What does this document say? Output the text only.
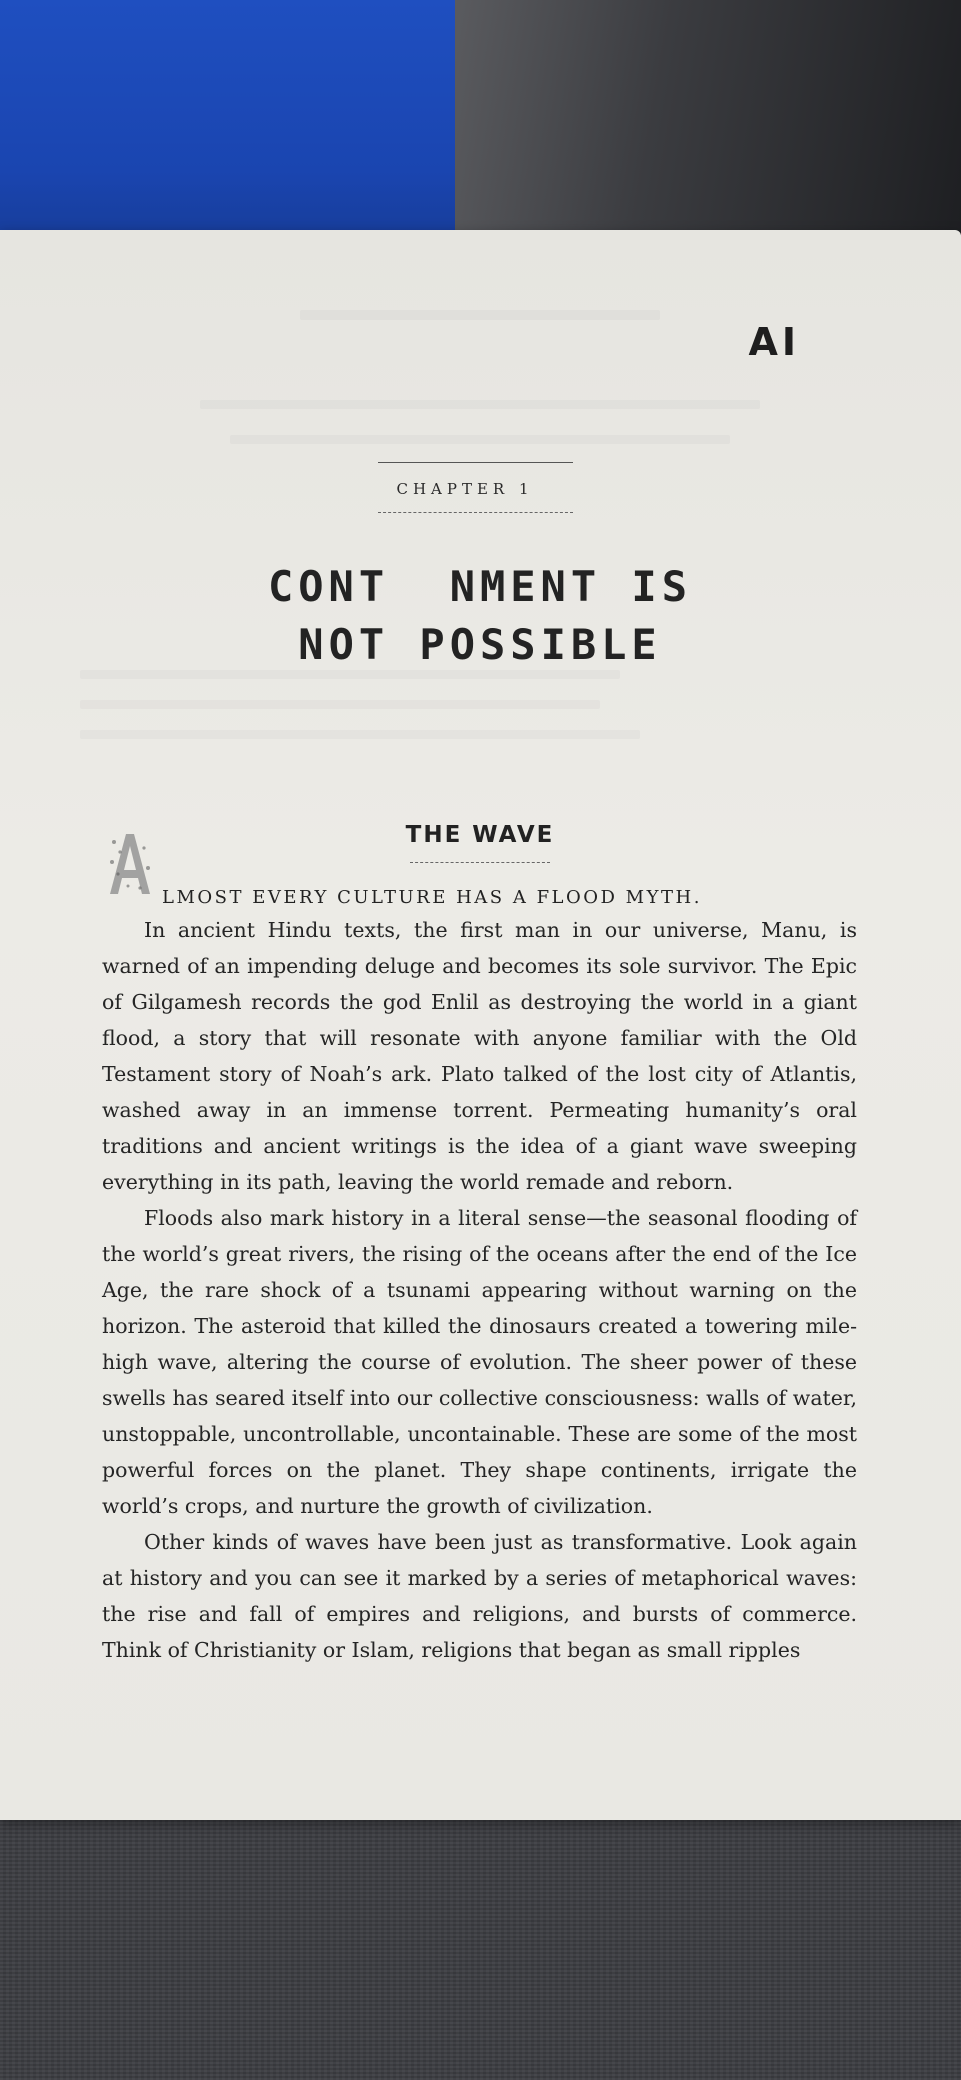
AI
CHAPTER 1
CONT  NMENT IS
NOT POSSIBLE
THE WAVE
LMOST EVERY CULTURE HAS A FLOOD MYTH.

In ancient Hindu texts, the first man in our universe, Manu, is warned of an impending deluge and becomes its sole survivor. The Epic of Gilgamesh records the god Enlil as destroying the world in a giant flood, a story that will resonate with anyone familiar with the Old Testament story of Noah’s ark. Plato talked of the lost city of Atlantis, washed away in an immense torrent. Permeating humanity’s oral traditions and ancient writings is the idea of a giant wave sweeping everything in its path, leaving the world remade and reborn.

Floods also mark history in a literal sense—the seasonal flooding of the world’s great rivers, the rising of the oceans after the end of the Ice Age, the rare shock of a tsunami appearing without warning on the horizon. The asteroid that killed the dinosaurs created a towering mile-high wave, altering the course of evolution. The sheer power of these swells has seared itself into our collective consciousness: walls of water, unstoppable, uncontrollable, uncontainable. These are some of the most powerful forces on the planet. They shape continents, irrigate the world’s crops, and nurture the growth of civilization.

Other kinds of waves have been just as transformative. Look again at history and you can see it marked by a series of metaphorical waves: the rise and fall of empires and religions, and bursts of commerce. Think of Christianity or Islam, religions that began as small ripples
